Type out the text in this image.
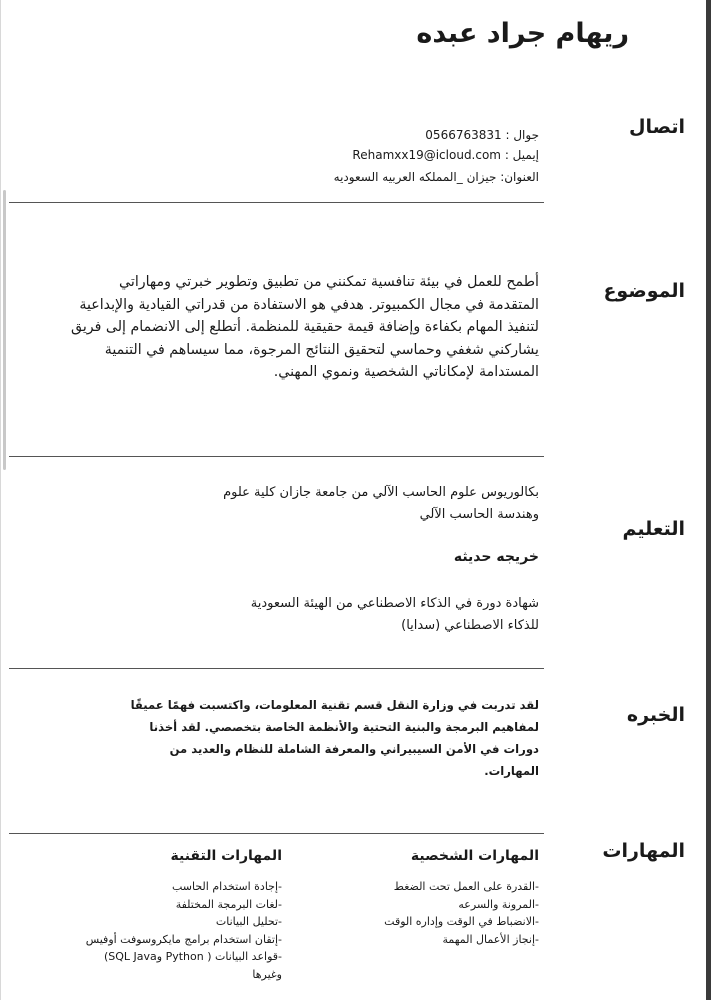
ريهام جراد عبده
اتصال
جوال : 0566763831
إيميل : Rehamxx19@icloud.com
العنوان: جيزان _المملكه العربيه السعوديه
الموضوع
أطمح للعمل في بيئة تنافسية تمكنني من تطبيق وتطوير خبرتي ومهاراتي المتقدمة في مجال الكمبيوتر. هدفي هو الاستفادة من قدراتي القيادية والإبداعية لتنفيذ المهام بكفاءة وإضافة قيمة حقيقية للمنظمة. أتطلع إلى الانضمام إلى فريق يشاركني شغفي وحماسي لتحقيق النتائج المرجوة، مما سيساهم في التنمية المستدامة لإمكاناتي الشخصية ونموي المهني.
التعليم
بكالوريوس علوم الحاسب الآلي من جامعة جازان كلية علوم وهندسة الحاسب الآلي
خريجه حديثه
شهادة دورة في الذكاء الاصطناعي من الهيئة السعودية للذكاء الاصطناعي (سدايا)
الخبره
لقد تدربت في وزارة النقل قسم تقنية المعلومات، واكتسبت فهمًا عميقًا لمفاهيم البرمجة والبنية التحتية والأنظمة الخاصة بتخصصي. لقد أخذنا دورات في الأمن السيبيراني والمعرفة الشاملة للنظام والعديد من المهارات.
المهارات
المهارات الشخصية
-القدرة على العمل تحت الضغط
-المرونة والسرعه
-الانضباط في الوقت وإداره الوقت
-إنجاز الأعمال المهمة
المهارات التقنية
-إجادة استخدام الحاسب
-لغات البرمجة المختلفة
-تحليل البيانات
-إتقان استخدام برامج مايكروسوفت أوفيس
-قواعد البيانات ( Python وSQL Java) وغيرها
